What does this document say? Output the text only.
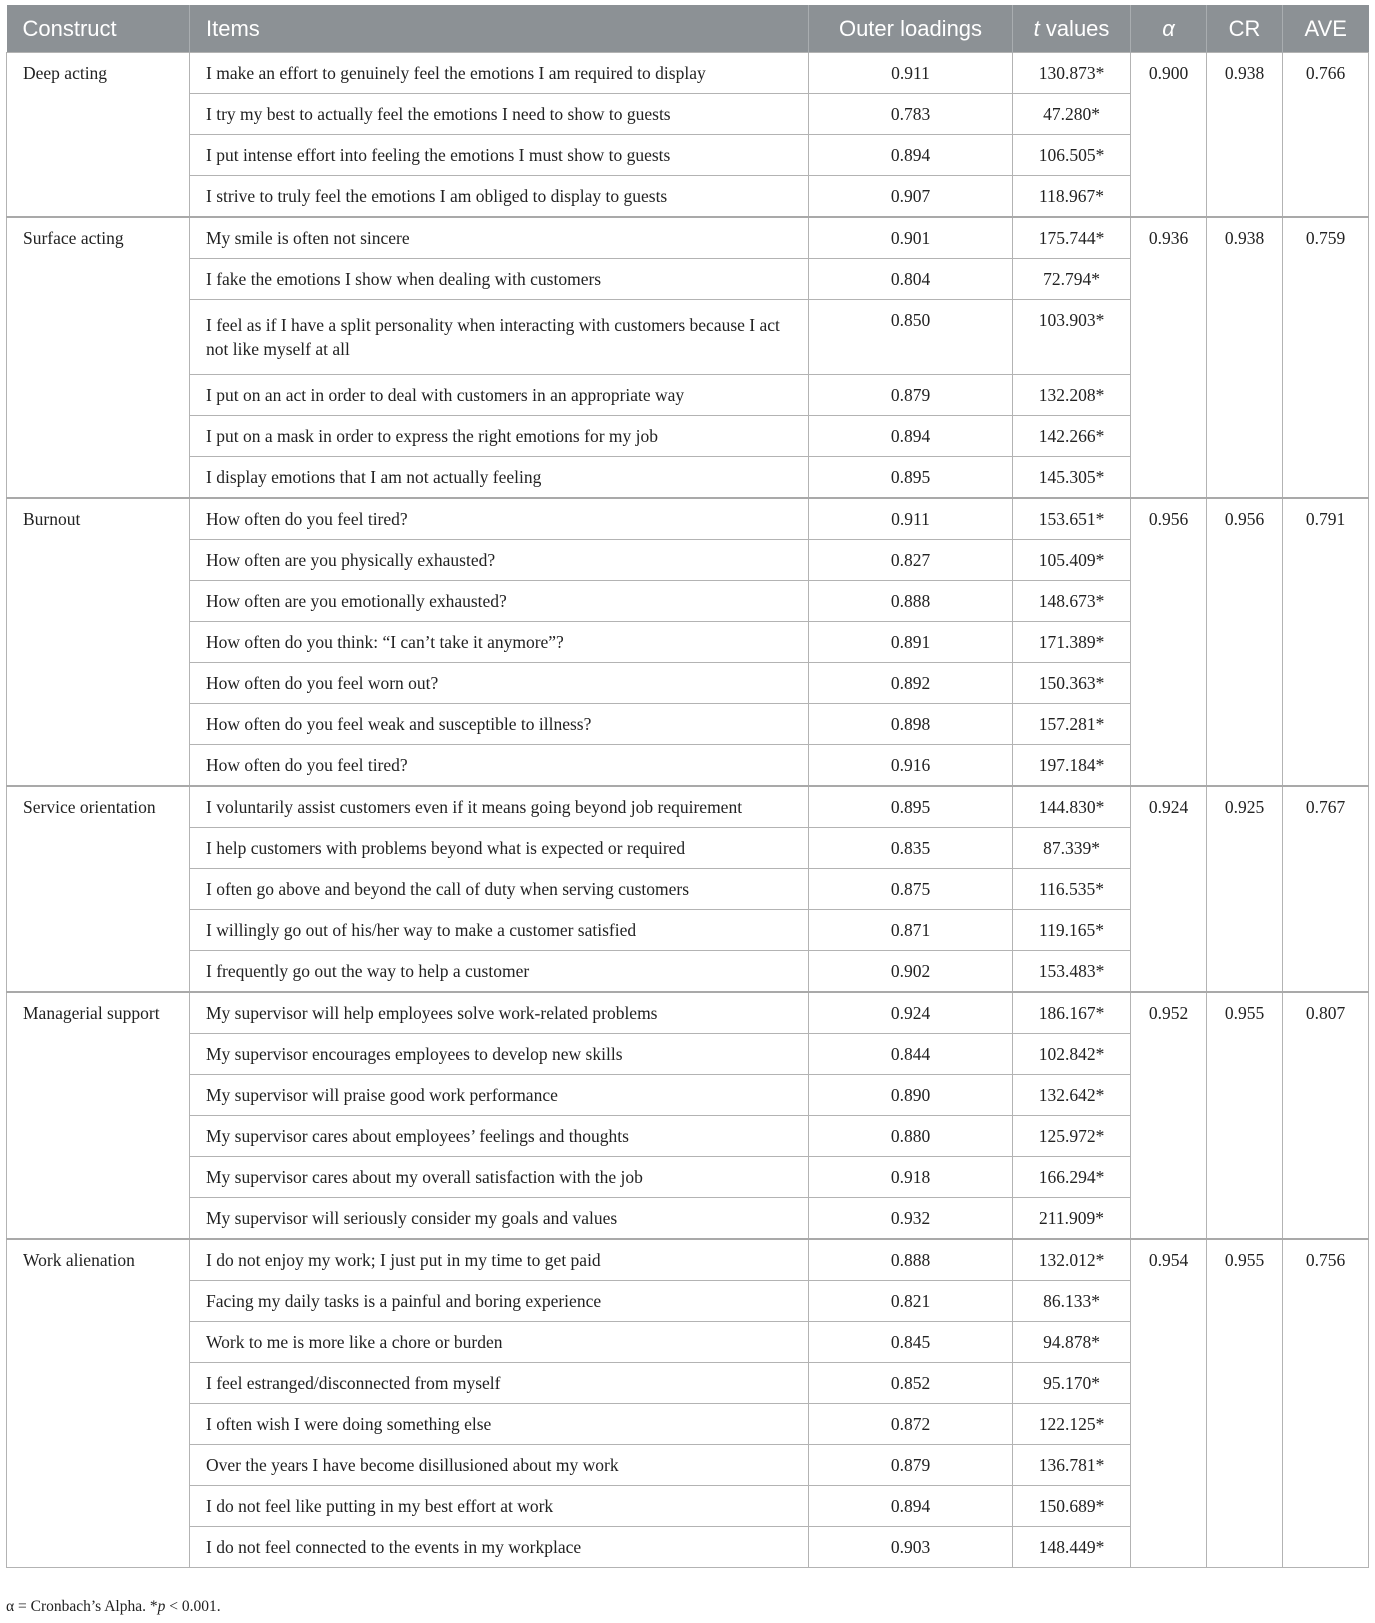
Construct	Items	Outer loadings	t values	α	CR	AVE
Deep acting	I make an effort to genuinely feel the emotions I am required to display	0.911	130.873*	0.900	0.938	0.766
	I try my best to actually feel the emotions I need to show to guests	0.783	47.280*			
	I put intense effort into feeling the emotions I must show to guests	0.894	106.505*			
	I strive to truly feel the emotions I am obliged to display to guests	0.907	118.967*			
Surface acting	My smile is often not sincere	0.901	175.744*	0.936	0.938	0.759
	I fake the emotions I show when dealing with customers	0.804	72.794*			
	I feel as if I have a split personality when interacting with customers because I act not like myself at all	0.850	103.903*			
	I put on an act in order to deal with customers in an appropriate way	0.879	132.208*			
	I put on a mask in order to express the right emotions for my job	0.894	142.266*			
	I display emotions that I am not actually feeling	0.895	145.305*			
Burnout	How often do you feel tired?	0.911	153.651*	0.956	0.956	0.791
	How often are you physically exhausted?	0.827	105.409*			
	How often are you emotionally exhausted?	0.888	148.673*			
	How often do you think: “I can’t take it anymore”?	0.891	171.389*			
	How often do you feel worn out?	0.892	150.363*			
	How often do you feel weak and susceptible to illness?	0.898	157.281*			
	How often do you feel tired?	0.916	197.184*			
Service orientation	I voluntarily assist customers even if it means going beyond job requirement	0.895	144.830*	0.924	0.925	0.767
	I help customers with problems beyond what is expected or required	0.835	87.339*			
	I often go above and beyond the call of duty when serving customers	0.875	116.535*			
	I willingly go out of his/her way to make a customer satisfied	0.871	119.165*			
	I frequently go out the way to help a customer	0.902	153.483*			
Managerial support	My supervisor will help employees solve work-related problems	0.924	186.167*	0.952	0.955	0.807
	My supervisor encourages employees to develop new skills	0.844	102.842*			
	My supervisor will praise good work performance	0.890	132.642*			
	My supervisor cares about employees’ feelings and thoughts	0.880	125.972*			
	My supervisor cares about my overall satisfaction with the job	0.918	166.294*			
	My supervisor will seriously consider my goals and values	0.932	211.909*			
Work alienation	I do not enjoy my work; I just put in my time to get paid	0.888	132.012*	0.954	0.955	0.756
	Facing my daily tasks is a painful and boring experience	0.821	86.133*			
	Work to me is more like a chore or burden	0.845	94.878*			
	I feel estranged/disconnected from myself	0.852	95.170*			
	I often wish I were doing something else	0.872	122.125*			
	Over the years I have become disillusioned about my work	0.879	136.781*			
	I do not feel like putting in my best effort at work	0.894	150.689*			
	I do not feel connected to the events in my workplace	0.903	148.449*			
α = Cronbach’s Alpha. *p < 0.001.
